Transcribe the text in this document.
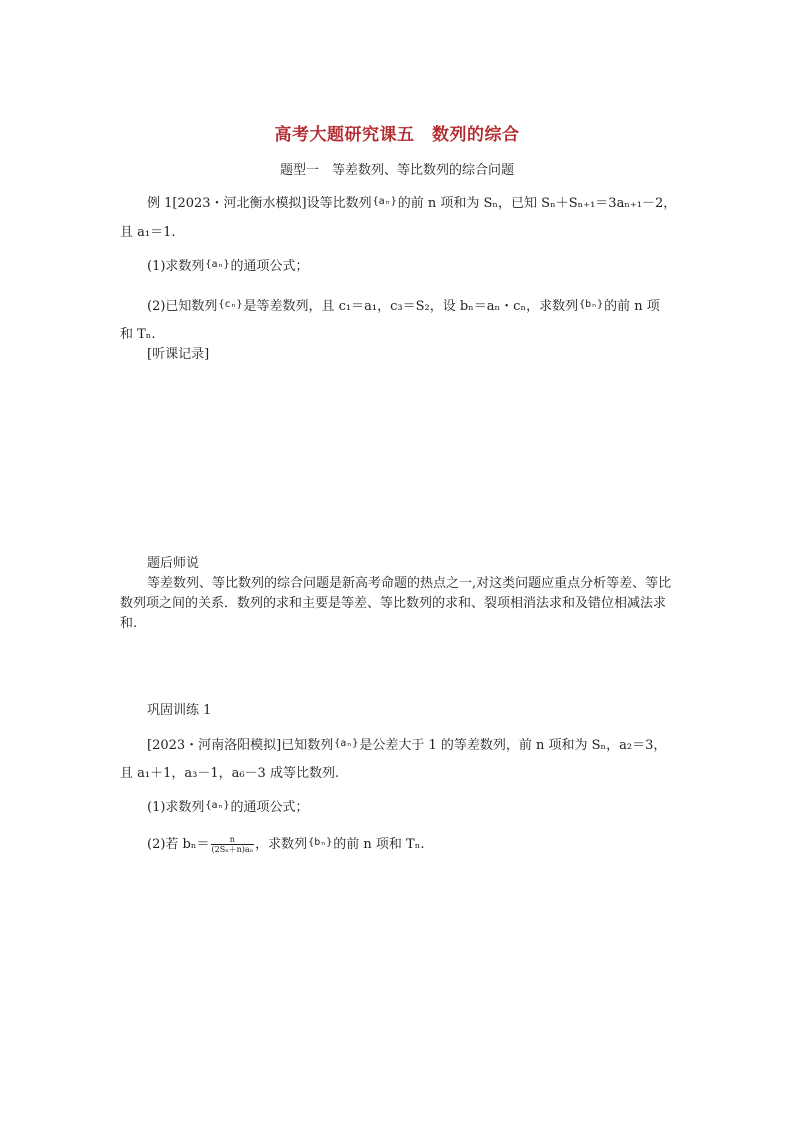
高考大题研究课五　数列的综合
题型一　等差数列、等比数列的综合问题
例 1[2023・河北衡水模拟]设等比数列$^{\{a_n\}}$的前 n 项和为 Sₙ，已知 Sₙ＋Sₙ₊₁＝3aₙ₊₁－2，
且 a₁＝1.
(1)求数列$^{\{a_n\}}$的通项公式；
(2)已知数列$^{\{c_n\}}$是等差数列，且 c₁＝a₁，c₃＝S₂，设 bₙ＝aₙ・cₙ，求数列$^{\{b_n\}}$的前 n 项
和 Tₙ.
[听课记录]
题后师说
等差数列、等比数列的综合问题是新高考命题的热点之一,对这类问题应重点分析等差、等比数列项之间的关系．数列的求和主要是等差、等比数列的求和、裂项相消法求和及错位相减法求和.
巩固训练 1
[2023・河南洛阳模拟]已知数列$^{\{a_n\}}$是公差大于 1 的等差数列，前 n 项和为 Sₙ，a₂＝3，
且 a₁＋1，a₃－1，a₆－3 成等比数列.
(1)求数列$^{\{a_n\}}$的通项公式；
(2)若 $b_n= \frac{n}{\text{(2Sₙ＋n)aₙ}}$ ，求数列$^{\{b_n\}}$的前 n 项和 Tₙ.
